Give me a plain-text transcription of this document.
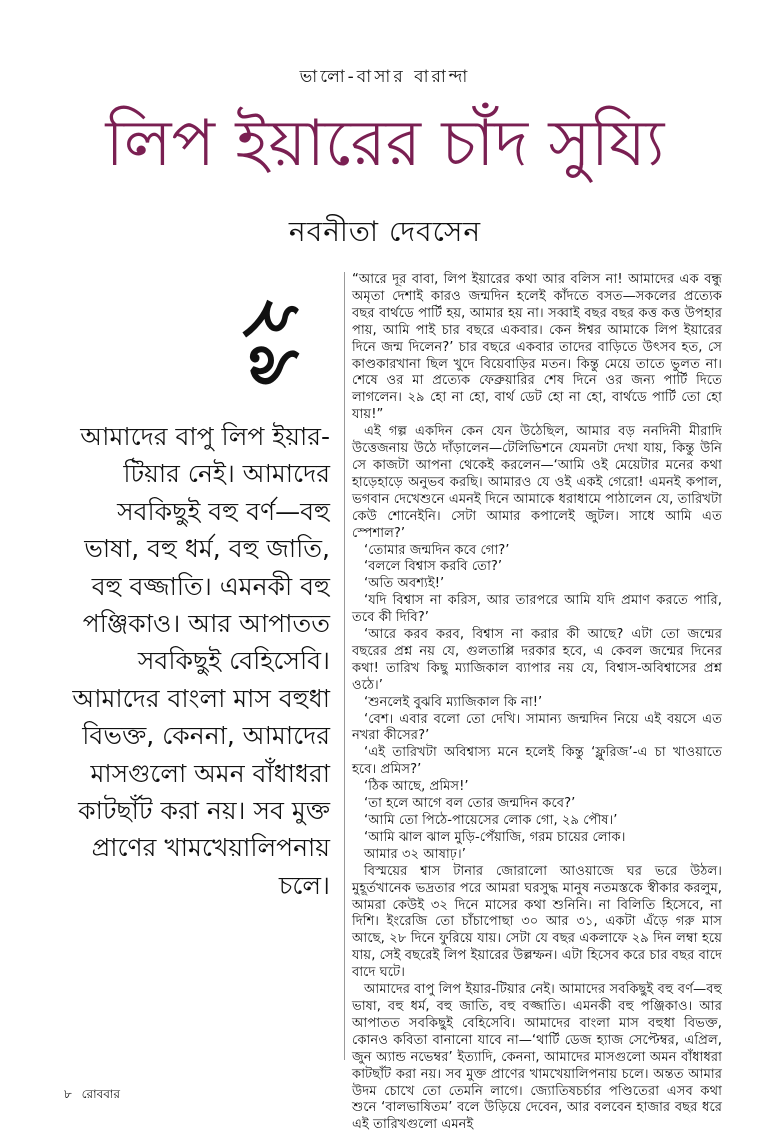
ভালো-বাসার বারান্দা
লিপ ইয়ারের চাঁদ সুয্যি
নবনীতা দেবসেন
২৯

আমাদের বাপু লিপ ইয়ার-টিয়ার নেই। আমাদের সবকিছুই বহু বর্ণ—বহু ভাষা, বহু ধর্ম, বহু জাতি, বহু বজ্জাতি। এমনকী বহু পঞ্জিকাও। আর আপাতত সবকিছুই বেহিসেবি। আমাদের বাংলা মাস বহুধা বিভক্ত, কেননা, আমাদের মাসগুলো অমন বাঁধাধরা কাটছাঁট করা নয়। সব মুক্ত প্রাণের খামখেয়ালিপনায় চলে।

“আরে দূর বাবা, লিপ ইয়ারের কথা আর বলিস না! আমাদের এক বন্ধু অমৃতা দেশাই কারও জন্মদিন হলেই কাঁদতে বসত—সকলের প্রত্যেক বছর বার্থডে পার্টি হয়, আমার হয় না। সব্বাই বছর বছর কত্ত কত্ত উপহার পায়, আমি পাই চার বছরে একবার। কেন ঈশ্বর আমাকে লিপ ইয়ারের দিনে জন্ম দিলেন?’ চার বছরে একবার তাদের বাড়িতে উৎসব হত, সে কাণ্ডকারখানা ছিল খুদে বিয়েবাড়ির মতন। কিন্তু মেয়ে তাতে ভুলত না। শেষে ওর মা প্রত্যেক ফেব্রুয়ারির শেষ দিনে ওর জন্য পার্টি দিতে লাগলেন। ২৯ হো না হো, বার্থ ডেট হো না হো, বার্থডে পার্টি তো হো যায়!”

এই গল্প একদিন কেন যেন উঠেছিল, আমার বড় ননদিনী মীরাদি উত্তেজনায় উঠে দাঁড়ালেন—টেলিভিশনে যেমনটা দেখা যায়, কিন্তু উনি সে কাজটা আপনা থেকেই করলেন—‘আমি ওই মেয়েটার মনের কথা হাড়েহাড়ে অনুভব করছি। আমারও যে ওই একই গেরো! এমনই কপাল, ভগবান দেখেশুনে এমনই দিনে আমাকে ধরাধামে পাঠালেন যে, তারিখটা কেউ শোনেইনি। সেটা আমার কপালেই জুটল। সাধে আমি এত স্পেশাল?’

‘তোমার জন্মদিন কবে গো?’

‘বললে বিশ্বাস করবি তো?’

‘অতি অবশ্যই!’

‘যদি বিশ্বাস না করিস, আর তারপরে আমি যদি প্রমাণ করতে পারি, তবে কী দিবি?’

‘আরে করব করব, বিশ্বাস না করার কী আছে? এটা তো জন্মের বছরের প্রশ্ন নয় যে, গুলতাপ্পি দরকার হবে, এ কেবল জন্মের দিনের কথা! তারিখ কিছু ম্যাজিকাল ব্যাপার নয় যে, বিশ্বাস-অবিশ্বাসের প্রশ্ন ওঠে।’

‘শুনলেই বুঝবি ম্যাজিকাল কি না!’

‘বেশ। এবার বলো তো দেখি। সামান্য জন্মদিন নিয়ে এই বয়সে এত নখরা কীসের?’

‘এই তারিখটা অবিশ্বাস্য মনে হলেই কিন্তু ‘ফ্লুরিজ’-এ চা খাওয়াতে হবে। প্রমিস?’

‘ঠিক আছে, প্রমিস!’

‘তা হলে আগে বল তোর জন্মদিন কবে?’

‘আমি তো পিঠে-পায়েসের লোক গো, ২৯ পৌষ।’

‘আমি ঝাল ঝাল মুড়ি-পেঁয়াজি, গরম চায়ের লোক।

আমার ৩২ আষাঢ়।’

বিস্ময়ের শ্বাস টানার জোরালো আওয়াজে ঘর ভরে উঠল। মুহূর্তখানেক ভদ্রতার পরে আমরা ঘরসুদ্ধ মানুষ নতমস্তকে স্বীকার করলুম, আমরা কেউই ৩২ দিনে মাসের কথা শুনিনি। না বিলিতি হিসেবে, না দিশি। ইংরেজি তো চাঁচাপোছা ৩০ আর ৩১, একটা এঁড়ে গরু মাস আছে, ২৮ দিনে ফুরিয়ে যায়। সেটা যে বছর একলাফে ২৯ দিন লম্বা হয়ে যায়, সেই বছরেই লিপ ইয়ারের উল্লম্ফন। এটা হিসেব করে চার বছর বাদে বাদে ঘটে।

আমাদের বাপু লিপ ইয়ার-টিয়ার নেই। আমাদের সবকিছুই বহু বর্ণ—বহু ভাষা, বহু ধর্ম, বহু জাতি, বহু বজ্জাতি। এমনকী বহু পঞ্জিকাও। আর আপাতত সবকিছুই বেহিসেবি। আমাদের বাংলা মাস বহুধা বিভক্ত, কোনও কবিতা বানানো যাবে না—‘থার্টি ডেজ হ্যাজ সেপ্টেম্বর, এপ্রিল, জুন অ্যান্ড নভেম্বর’ ইত্যাদি, কেননা, আমাদের মাসগুলো অমন বাঁধাধরা কাটছাঁট করা নয়। সব মুক্ত প্রাণের খামখেয়ালিপনায় চলে। অন্তত আমার উদম চোখে তো তেমনি লাগে। জ্যোতিষচর্চার পণ্ডিতেরা এসব কথা শুনে ‘বালভাষিতম’ বলে উড়িয়ে দেবেন, আর বলবেন হাজার বছর ধরে এই তারিখগুলো এমনই

৮ রোববার
